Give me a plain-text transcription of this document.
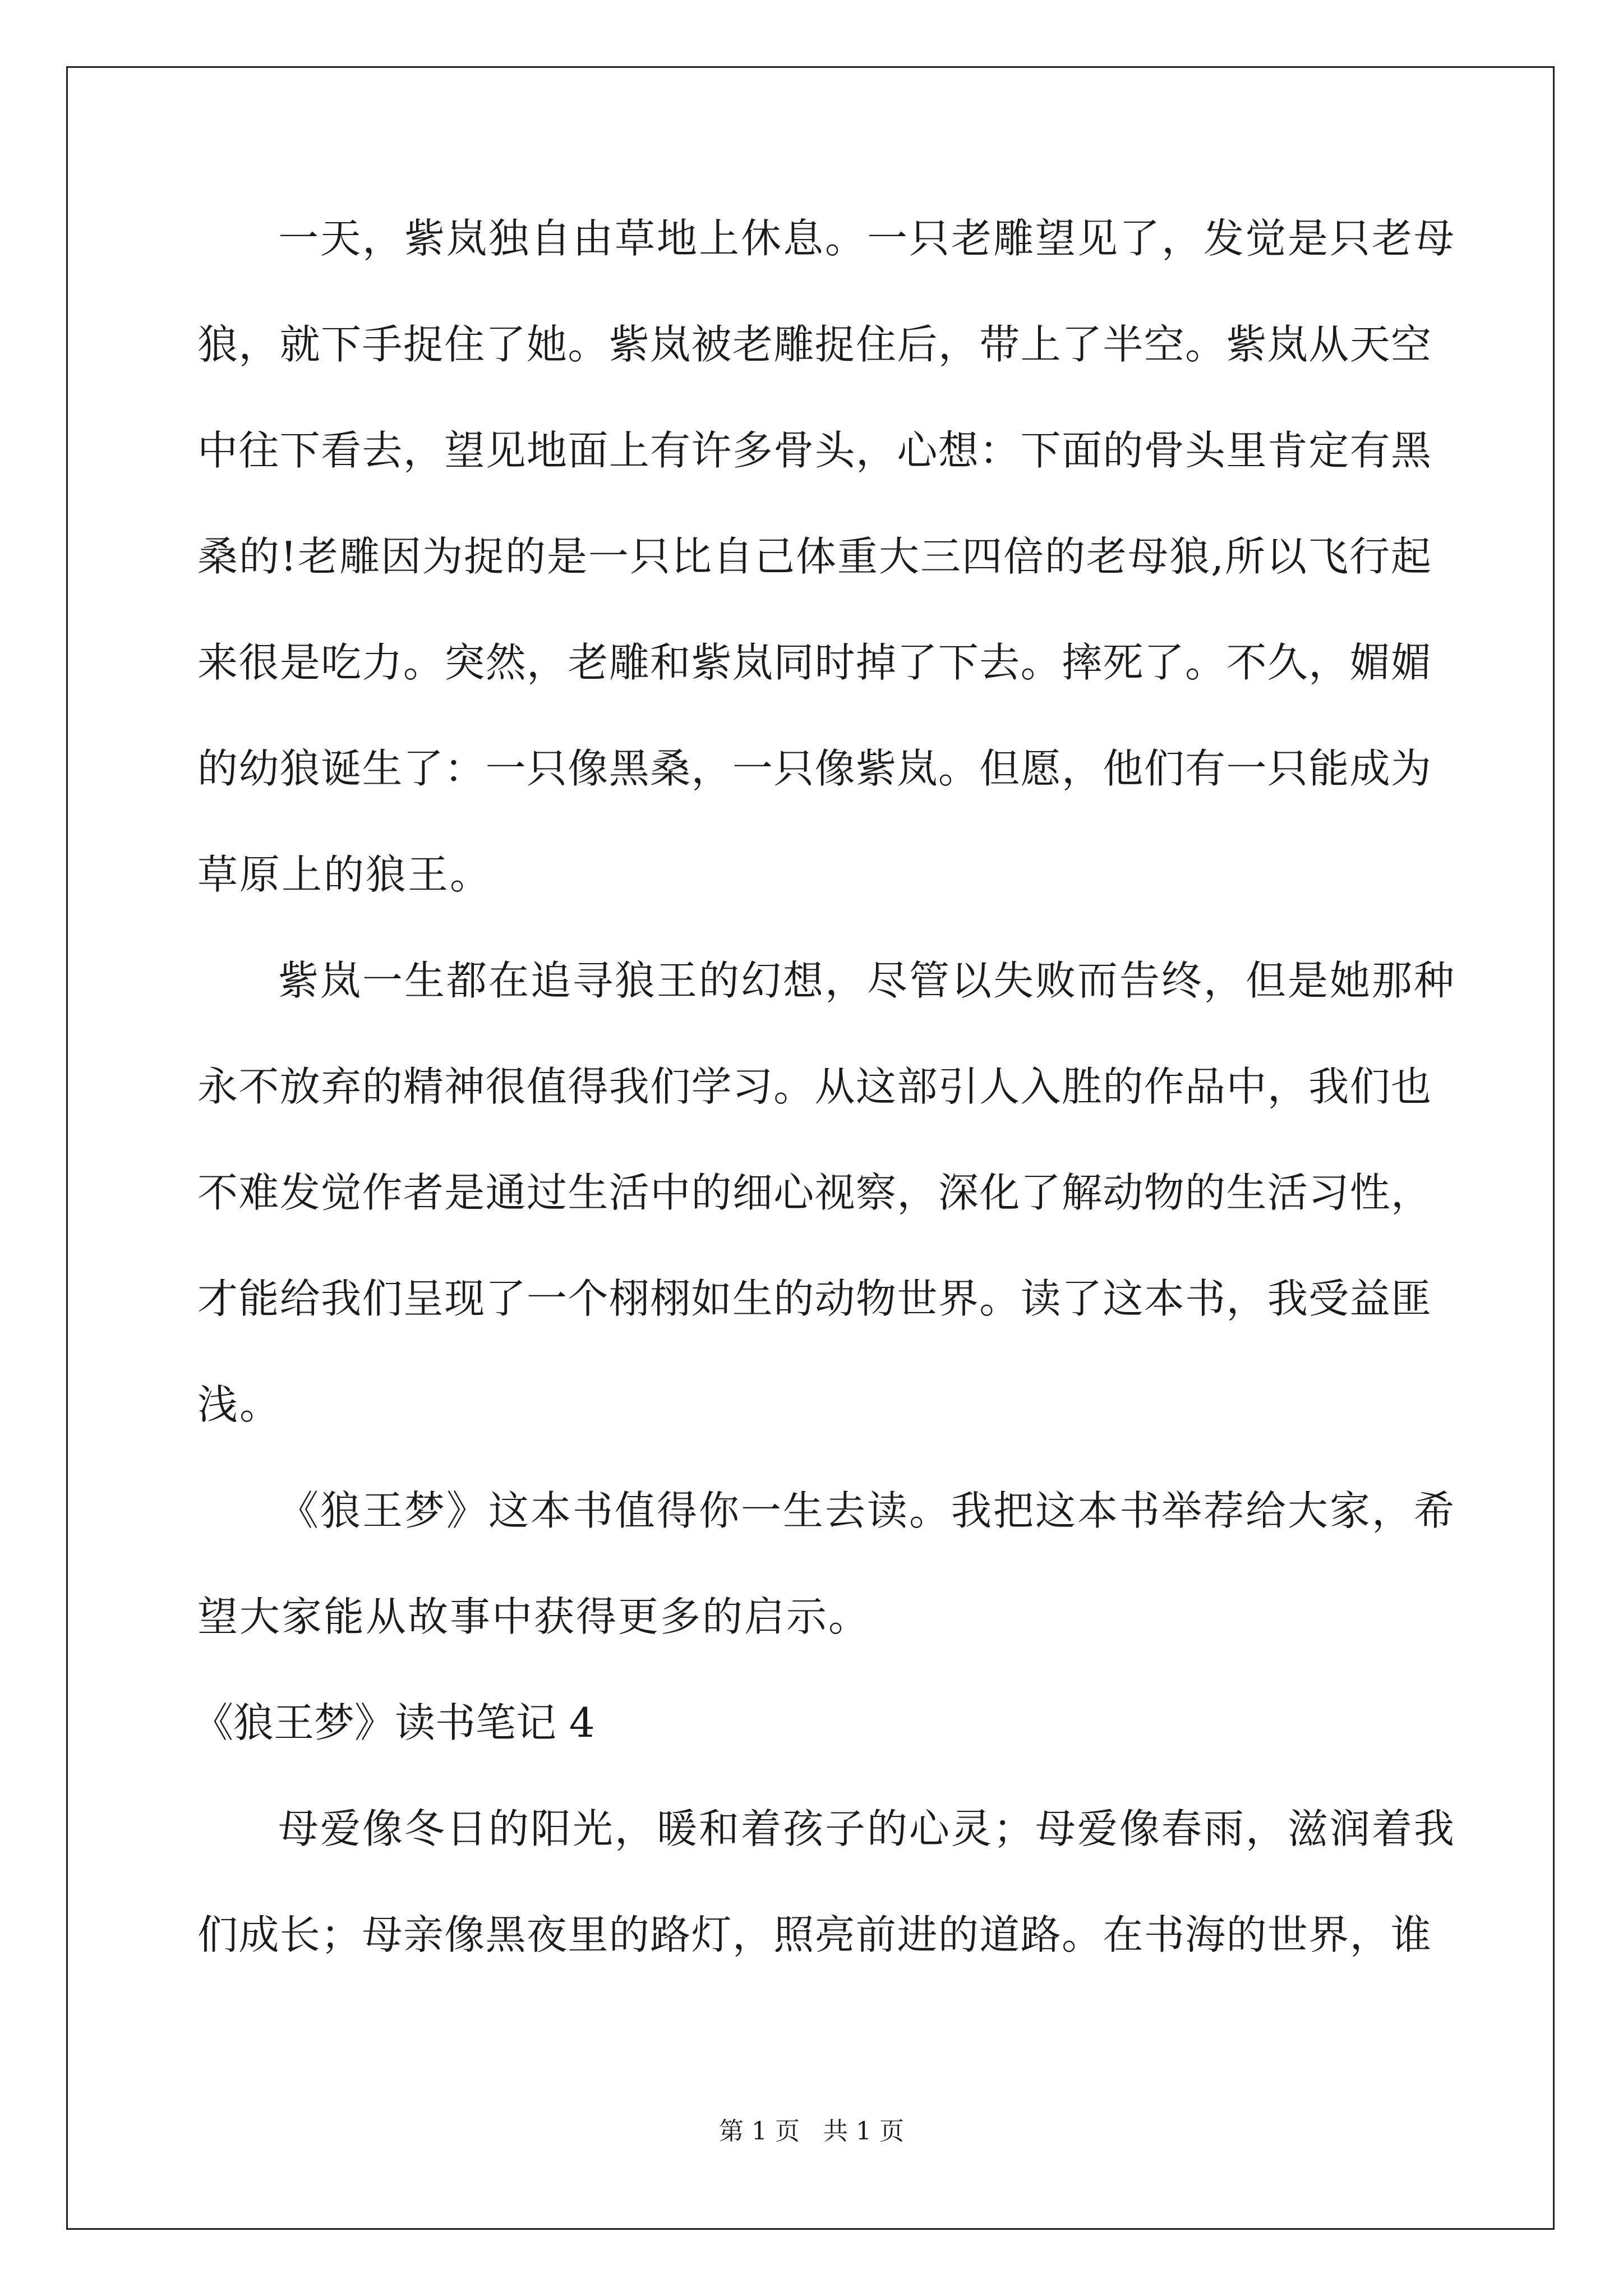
一天，紫岚独自由草地上休息。一只老雕望见了，发觉是只老母
狼，就下手捉住了她。紫岚被老雕捉住后，带上了半空。紫岚从天空
中往下看去，望见地面上有许多骨头，心想：下面的骨头里肯定有黑
桑的!老雕因为捉的是一只比自己体重大三四倍的老母狼,所以飞行起
来很是吃力。突然，老雕和紫岚同时掉了下去。摔死了。不久，媚媚
的幼狼诞生了：一只像黑桑，一只像紫岚。但愿，他们有一只能成为
草原上的狼王。
紫岚一生都在追寻狼王的幻想，尽管以失败而告终，但是她那种
永不放弃的精神很值得我们学习。从这部引人入胜的作品中，我们也
不难发觉作者是通过生活中的细心视察，深化了解动物的生活习性，
才能给我们呈现了一个栩栩如生的动物世界。读了这本书，我受益匪
浅。
《狼王梦》这本书值得你一生去读。我把这本书举荐给大家，希
望大家能从故事中获得更多的启示。
《狼王梦》读书笔记 4
母爱像冬日的阳光，暖和着孩子的心灵；母爱像春雨，滋润着我
们成长；母亲像黑夜里的路灯，照亮前进的道路。在书海的世界，谁
第 1 页 共 1 页
